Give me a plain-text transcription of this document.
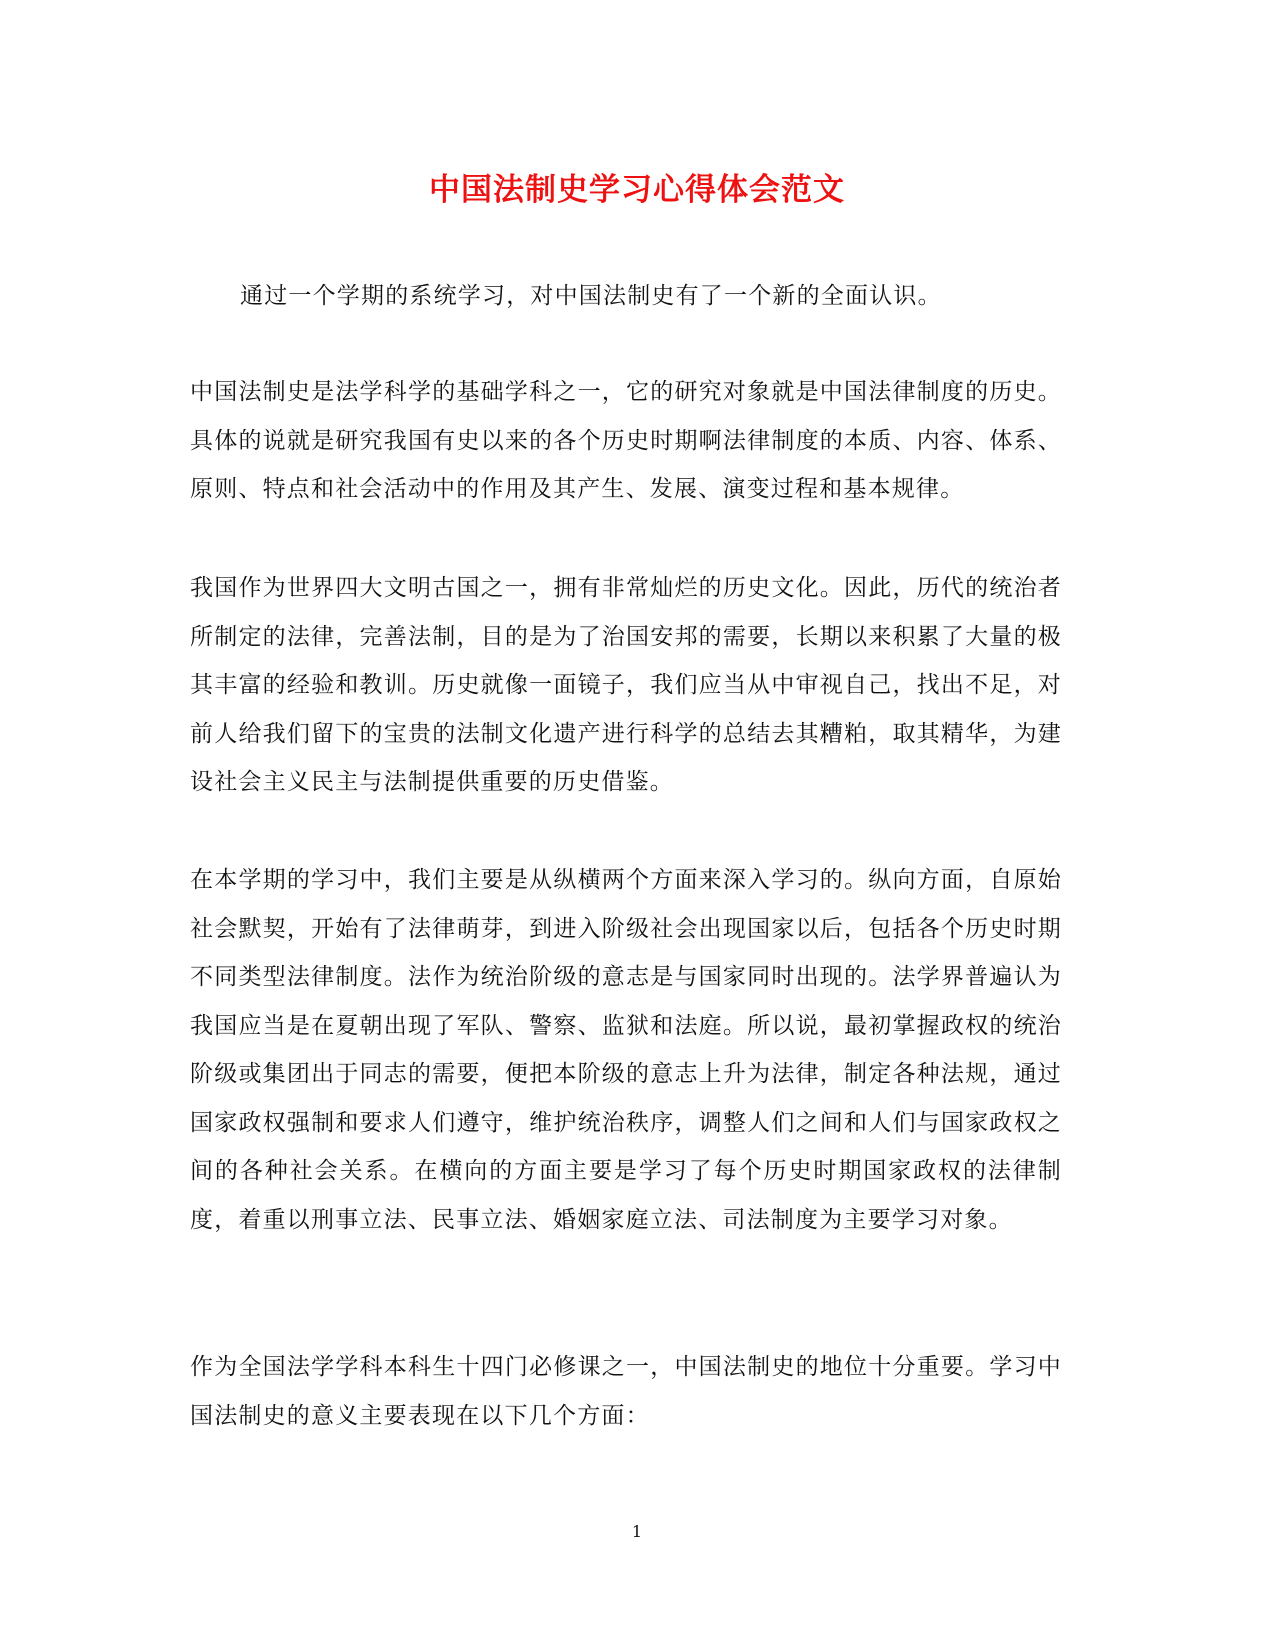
中国法制史学习心得体会范文

通过一个学期的系统学习，对中国法制史有了一个新的全面认识。

中国法制史是法学科学的基础学科之一，它的研究对象就是中国法律制度的历史。具体的说就是研究我国有史以来的各个历史时期啊法律制度的本质、内容、体系、原则、特点和社会活动中的作用及其产生、发展、演变过程和基本规律。

我国作为世界四大文明古国之一，拥有非常灿烂的历史文化。因此，历代的统治者所制定的法律，完善法制，目的是为了治国安邦的需要，长期以来积累了大量的极其丰富的经验和教训。历史就像一面镜子，我们应当从中审视自己，找出不足，对前人给我们留下的宝贵的法制文化遗产进行科学的总结去其糟粕，取其精华，为建设社会主义民主与法制提供重要的历史借鉴。

在本学期的学习中，我们主要是从纵横两个方面来深入学习的。纵向方面，自原始社会默契，开始有了法律萌芽，到进入阶级社会出现国家以后，包括各个历史时期不同类型法律制度。法作为统治阶级的意志是与国家同时出现的。法学界普遍认为我国应当是在夏朝出现了军队、警察、监狱和法庭。所以说，最初掌握政权的统治阶级或集团出于同志的需要，便把本阶级的意志上升为法律，制定各种法规，通过国家政权强制和要求人们遵守，维护统治秩序，调整人们之间和人们与国家政权之间的各种社会关系。在横向的方面主要是学习了每个历史时期国家政权的法律制度，着重以刑事立法、民事立法、婚姻家庭立法、司法制度为主要学习对象。

作为全国法学学科本科生十四门必修课之一，中国法制史的地位十分重要。学习中国法制史的意义主要表现在以下几个方面：

1
